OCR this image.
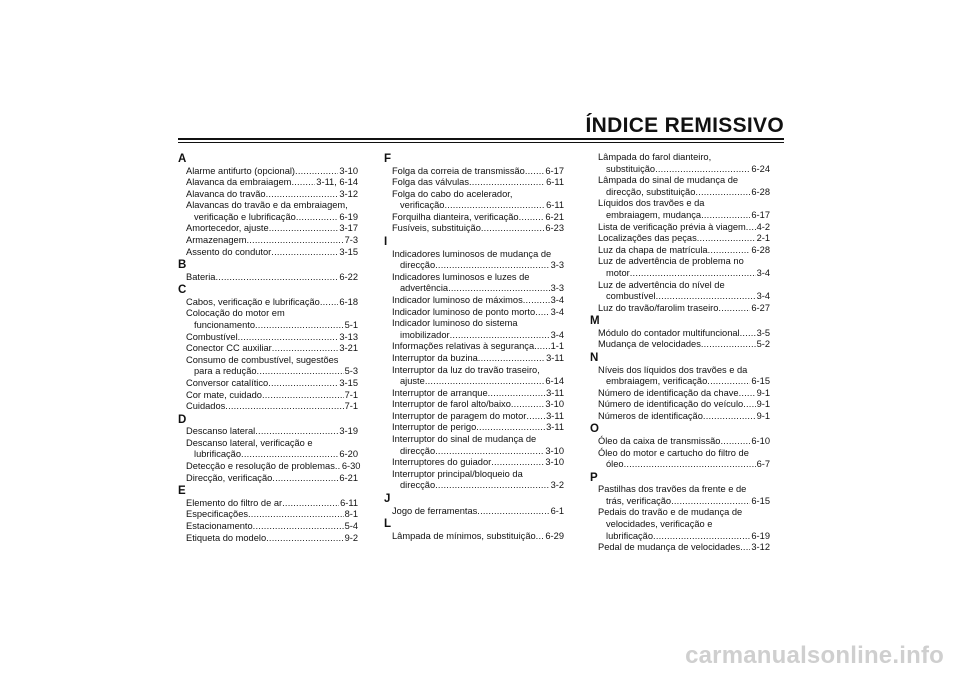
ÍNDICE REMISSIVO
A
Alarme antifurto (opcional) .....	3-10
Alavanca da embraiagem .....	3-11, 6-14
Alavanca do travão .....	3-12
Alavancas do travão e da embraiagem,
verificação e lubrificação .....	6-19
Amortecedor, ajuste .....	3-17
Armazenagem .....	7-3
Assento do condutor .....	3-15
B
Bateria .....	6-22
C
Cabos, verificação e lubrificação ..... 6-18
Colocação do motor em
funcionamento .....	5-1
Combustível .....	3-13
Conector CC auxiliar .....	3-21
Consumo de combustível, sugestões
para a redução .....	5-3
Conversor catalítico .....	3-15
Cor mate, cuidado .....	7-1
Cuidados .....	7-1
D
Descanso lateral .....	3-19
Descanso lateral, verificação e
lubrificação .....	6-20
Detecção e resolução de problemas ..... 6-30
Direcção, verificação .....	6-21
E
Elemento do filtro de ar .....	6-11
Especificações .....	8-1
Estacionamento .....	5-4
Etiqueta do modelo .....	9-2
F
Folga da correia de transmissão ..... 6-17
Folga das válvulas .....	6-11
Folga do cabo do acelerador,
verificação .....	6-11
Forquilha dianteira, verificação .....	6-21
Fusíveis, substituição .....	6-23
I
Indicadores luminosos de mudança de
direcção .....	3-3
Indicadores luminosos e luzes de
advertência .....	3-3
Indicador luminoso de máximos .....	3-4
Indicador luminoso de ponto morto ..... 3-4
Indicador luminoso do sistema
imobilizador .....	3-4
Informações relativas à segurança ..... 1-1
Interruptor da buzina .....	3-11
Interruptor da luz do travão traseiro,
ajuste .....	6-14
Interruptor de arranque .....	3-11
Interruptor de farol alto/baixo .....	3-10
Interruptor de paragem do motor ..... 3-11
Interruptor de perigo .....	3-11
Interruptor do sinal de mudança de
direcção .....	3-10
Interruptores do guiador .....	3-10
Interruptor principal/bloqueio da
direcção .....	3-2
J
Jogo de ferramentas .....	6-1
L
Lâmpada de mínimos, substituição ..... 6-29
Lâmpada do farol dianteiro,
substituição .....	6-24
Lâmpada do sinal de mudança de
direcção, substituição .....	6-28
Líquidos dos travões e da
embraiagem, mudança .....	6-17
Lista de verificação prévia à viagem ..... 4-2
Localizações das peças .....	2-1
Luz da chapa de matrícula .....	6-28
Luz de advertência de problema no
motor .....	3-4
Luz de advertência do nível de
combustível .....	3-4
Luz do travão/farolim traseiro .....	6-27
M
Módulo do contador multifuncional ..... 3-5
Mudança de velocidades .....	5-2
N
Níveis dos líquidos dos travões e da
embraiagem, verificação .....	6-15
Número de identificação da chave ..... 9-1
Número de identificação do veículo ..... 9-1
Números de identificação .....	9-1
O
Óleo da caixa de transmissão .....	6-10
Óleo do motor e cartucho do filtro de
óleo .....	6-7
P
Pastilhas dos travões da frente e de
trás, verificação .....	6-15
Pedais do travão e de mudança de
velocidades, verificação e
lubrificação .....	6-19
Pedal de mudança de velocidades ..... 3-12
carmanualsonline.info
